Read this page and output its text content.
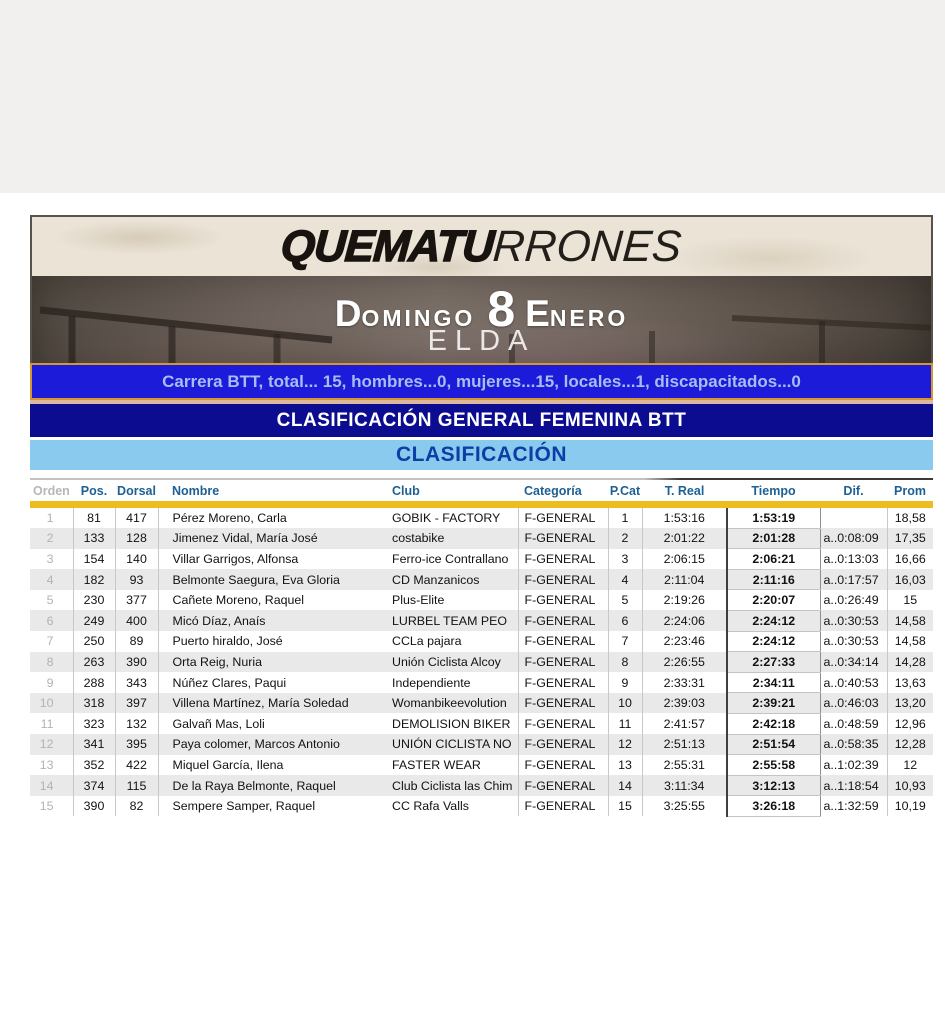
QUEMATU
RRONES
D OMINGO 8 E NERO
ELDA
Carrera BTT, total... 15, hombres...0, mujeres...15, locales...1, discapacitados...0
CLASIFICACIÓN GENERAL FEMENINA BTT
CLASIFICACIÓN
Orden	Pos.	Dorsal	Nombre	Club	Categoría	P.Cat	T. Real	Tiempo	Dif.	Prom
1	81	417	Pérez Moreno, Carla	GOBIK - FACTORY	F-GENERAL	1	1:53:16	1:53:19		18,58
2	133	128	Jimenez Vidal, María José	costabike	F-GENERAL	2	2:01:22	2:01:28	a..0:08:09	17,35
3	154	140	Villar Garrigos, Alfonsa	Ferro-ice Contrallano	F-GENERAL	3	2:06:15	2:06:21	a..0:13:03	16,66
4	182	93	Belmonte Saegura, Eva Gloria	CD Manzanicos	F-GENERAL	4	2:11:04	2:11:16	a..0:17:57	16,03
5	230	377	Cañete Moreno, Raquel	Plus-Elite	F-GENERAL	5	2:19:26	2:20:07	a..0:26:49	15
6	249	400	Micó Díaz, Anaís	LURBEL TEAM PEO	F-GENERAL	6	2:24:06	2:24:12	a..0:30:53	14,58
7	250	89	Puerto hiraldo, José	CCLa pajara	F-GENERAL	7	2:23:46	2:24:12	a..0:30:53	14,58
8	263	390	Orta Reig, Nuria	Unión Ciclista Alcoy	F-GENERAL	8	2:26:55	2:27:33	a..0:34:14	14,28
9	288	343	Núñez Clares, Paqui	Independiente	F-GENERAL	9	2:33:31	2:34:11	a..0:40:53	13,63
10	318	397	Villena Martínez, María Soledad	Womanbikeevolution	F-GENERAL	10	2:39:03	2:39:21	a..0:46:03	13,20
11	323	132	Galvañ Mas, Loli	DEMOLISION BIKER	F-GENERAL	11	2:41:57	2:42:18	a..0:48:59	12,96
12	341	395	Paya colomer, Marcos Antonio	UNIÓN CICLISTA NO	F-GENERAL	12	2:51:13	2:51:54	a..0:58:35	12,28
13	352	422	Miquel García, Ilena	FASTER WEAR	F-GENERAL	13	2:55:31	2:55:58	a..1:02:39	12
14	374	115	De la Raya Belmonte, Raquel	Club Ciclista las Chim	F-GENERAL	14	3:11:34	3:12:13	a..1:18:54	10,93
15	390	82	Sempere Samper, Raquel	CC Rafa Valls	F-GENERAL	15	3:25:55	3:26:18	a..1:32:59	10,19
